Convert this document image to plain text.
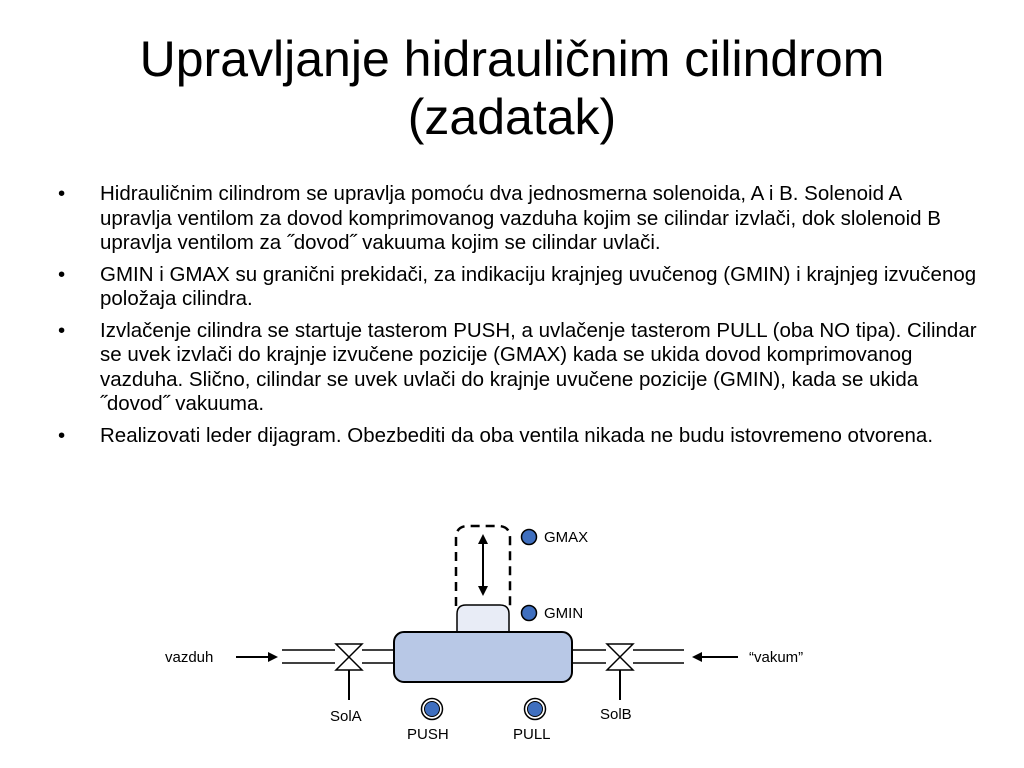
Upravljanje hidrauličnim cilindrom
(zadatak)
• Hidrauličnim cilindrom se upravlja pomoću dva jednosmerna solenoida, A i B. Solenoid A upravlja ventilom za dovod komprimovanog vazduha kojim se cilindar izvlači, dok slolenoid B upravlja ventilom za ˝dovod˝ vakuuma kojim se cilindar uvlači.
• GMIN i GMAX su granični prekidači, za indikaciju krajnjeg uvučenog (GMIN) i krajnjeg izvučenog položaja cilindra.
• Izvlačenje cilindra se startuje tasterom PUSH, a uvlačenje tasterom PULL (oba NO tipa). Cilindar se uvek izvlači do krajnje izvučene pozicije (GMAX) kada se ukida dovod komprimovanog vazduha. Slično, cilindar se uvek uvlači do krajnje uvučene pozicije (GMIN), kada se ukida ˝dovod˝ vakuuma.
• Realizovati leder dijagram. Obezbediti da oba ventila nikada ne budu istovremeno otvorena.
GMAX
GMIN
vazduh	“vakum”
SolA	SolB
PUSH	PULL
